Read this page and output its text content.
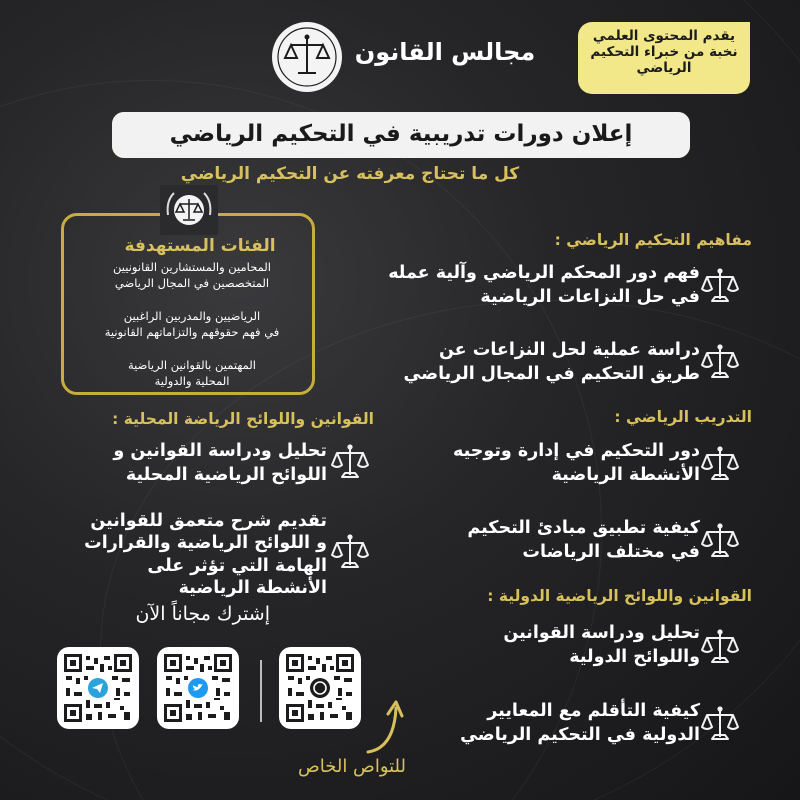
مجالس القانون
يقدم المحتوى العلمي
نخبة من خبراء التحكيم
الرياضي
إعلان دورات تدريبية في التحكيم الرياضي
كل ما تحتاج معرفته عن التحكيم الرياضي
الفئات المستهدفة
المحامين والمستشارين القانونيين
المتخصصين في المجال الرياضي
الرياضيين والمدربين الراغبين
في فهم حقوقهم والتزاماتهم القانونية
المهتمين بالقوانين الرياضية
المحلية والدولية
مفاهيم التحكيم الرياضي :
فهم دور المحكم الرياضي وآلية عمله
في حل النزاعات الرياضية
دراسة عملية لحل النزاعات عن
طريق التحكيم في المجال الرياضي
التدريب الرياضي :
دور التحكيم في إدارة وتوجيه
الأنشطة الرياضية
كيفية تطبيق مبادئ التحكيم
في مختلف الرياضات
القوانين واللوائح الرياضية الدولية :
تحليل ودراسة القوانين
واللوائح الدولية
كيفية التأقلم مع المعايير
الدولية في التحكيم الرياضي
القوانين واللوائح الرياضة المحلية :
تحليل ودراسة القوانين و
اللوائح الرياضية المحلية
تقديم شرح متعمق للقوانين
و اللوائح الرياضية والقرارات
الهامة التي تؤثر على
الأنشطة الرياضية
إشترك مجاناً الآن
للتواص الخاص
